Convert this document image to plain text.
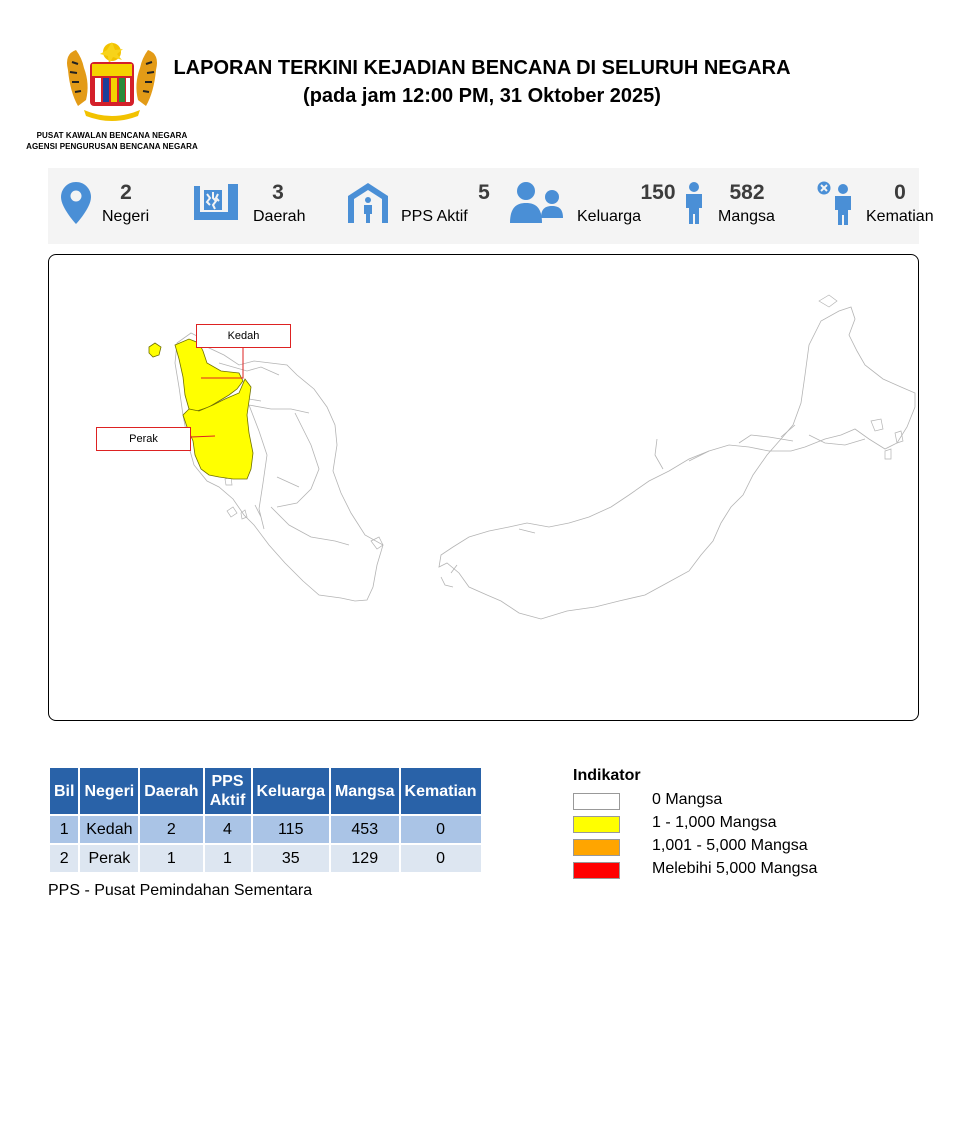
PUSAT KAWALAN BENCANA NEGARA
AGENSI PENGURUSAN BENCANA NEGARA
LAPORAN TERKINI KEJADIAN BENCANA DI SELURUH NEGARA
(pada jam 12:00 PM, 31 Oktober 2025)
2
Negeri
3
Daerah
5
PPS Aktif
150
Keluarga
582
Mangsa
0
Kematian
Kedah
Perak
Bil	Negeri	Daerah	PPS Aktif	Keluarga	Mangsa	Kematian
1	Kedah	2	4	115	453	0
2	Perak	1	1	35	129	0
PPS - Pusat Pemindahan Sementara
Indikator
0 Mangsa
1 - 1,000 Mangsa
1,001 - 5,000 Mangsa
Melebihi 5,000 Mangsa
